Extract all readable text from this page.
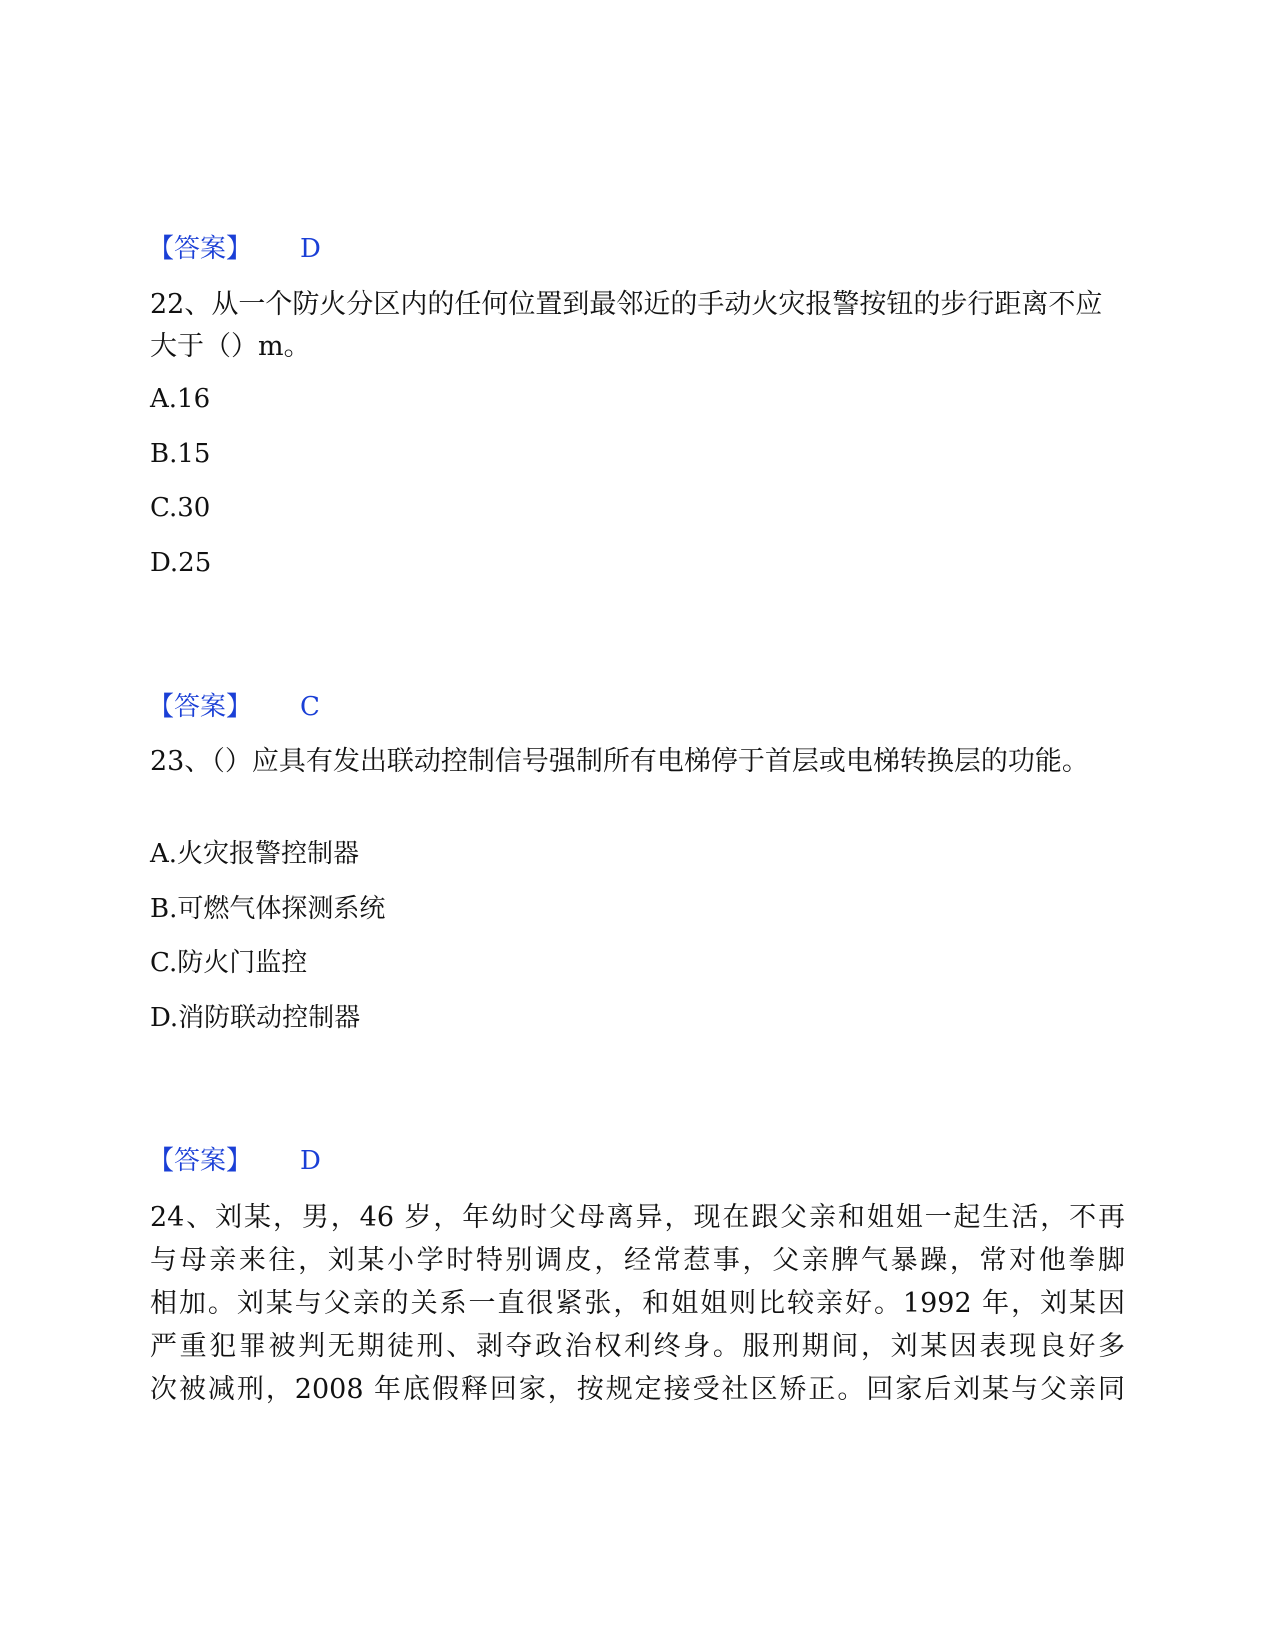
【答案】 D
22、从一个防火分区内的任何位置到最邻近的手动火灾报警按钮的步行距离不应大于（）m。
A.16
B.15
C.30
D.25
【答案】 C
23、（）应具有发出联动控制信号强制所有电梯停于首层或电梯转换层的功能。
A.火灾报警控制器
B.可燃气体探测系统
C.防火门监控
D.消防联动控制器
【答案】 D
24、刘某，男，46 岁，年幼时父母离异，现在跟父亲和姐姐一起生活，不再
与母亲来往，刘某小学时特别调皮，经常惹事，父亲脾气暴躁，常对他拳脚
相加。刘某与父亲的关系一直很紧张，和姐姐则比较亲好。1992 年，刘某因
严重犯罪被判无期徒刑、剥夺政治权利终身。服刑期间，刘某因表现良好多
次被减刑，2008 年底假释回家，按规定接受社区矫正。回家后刘某与父亲同
